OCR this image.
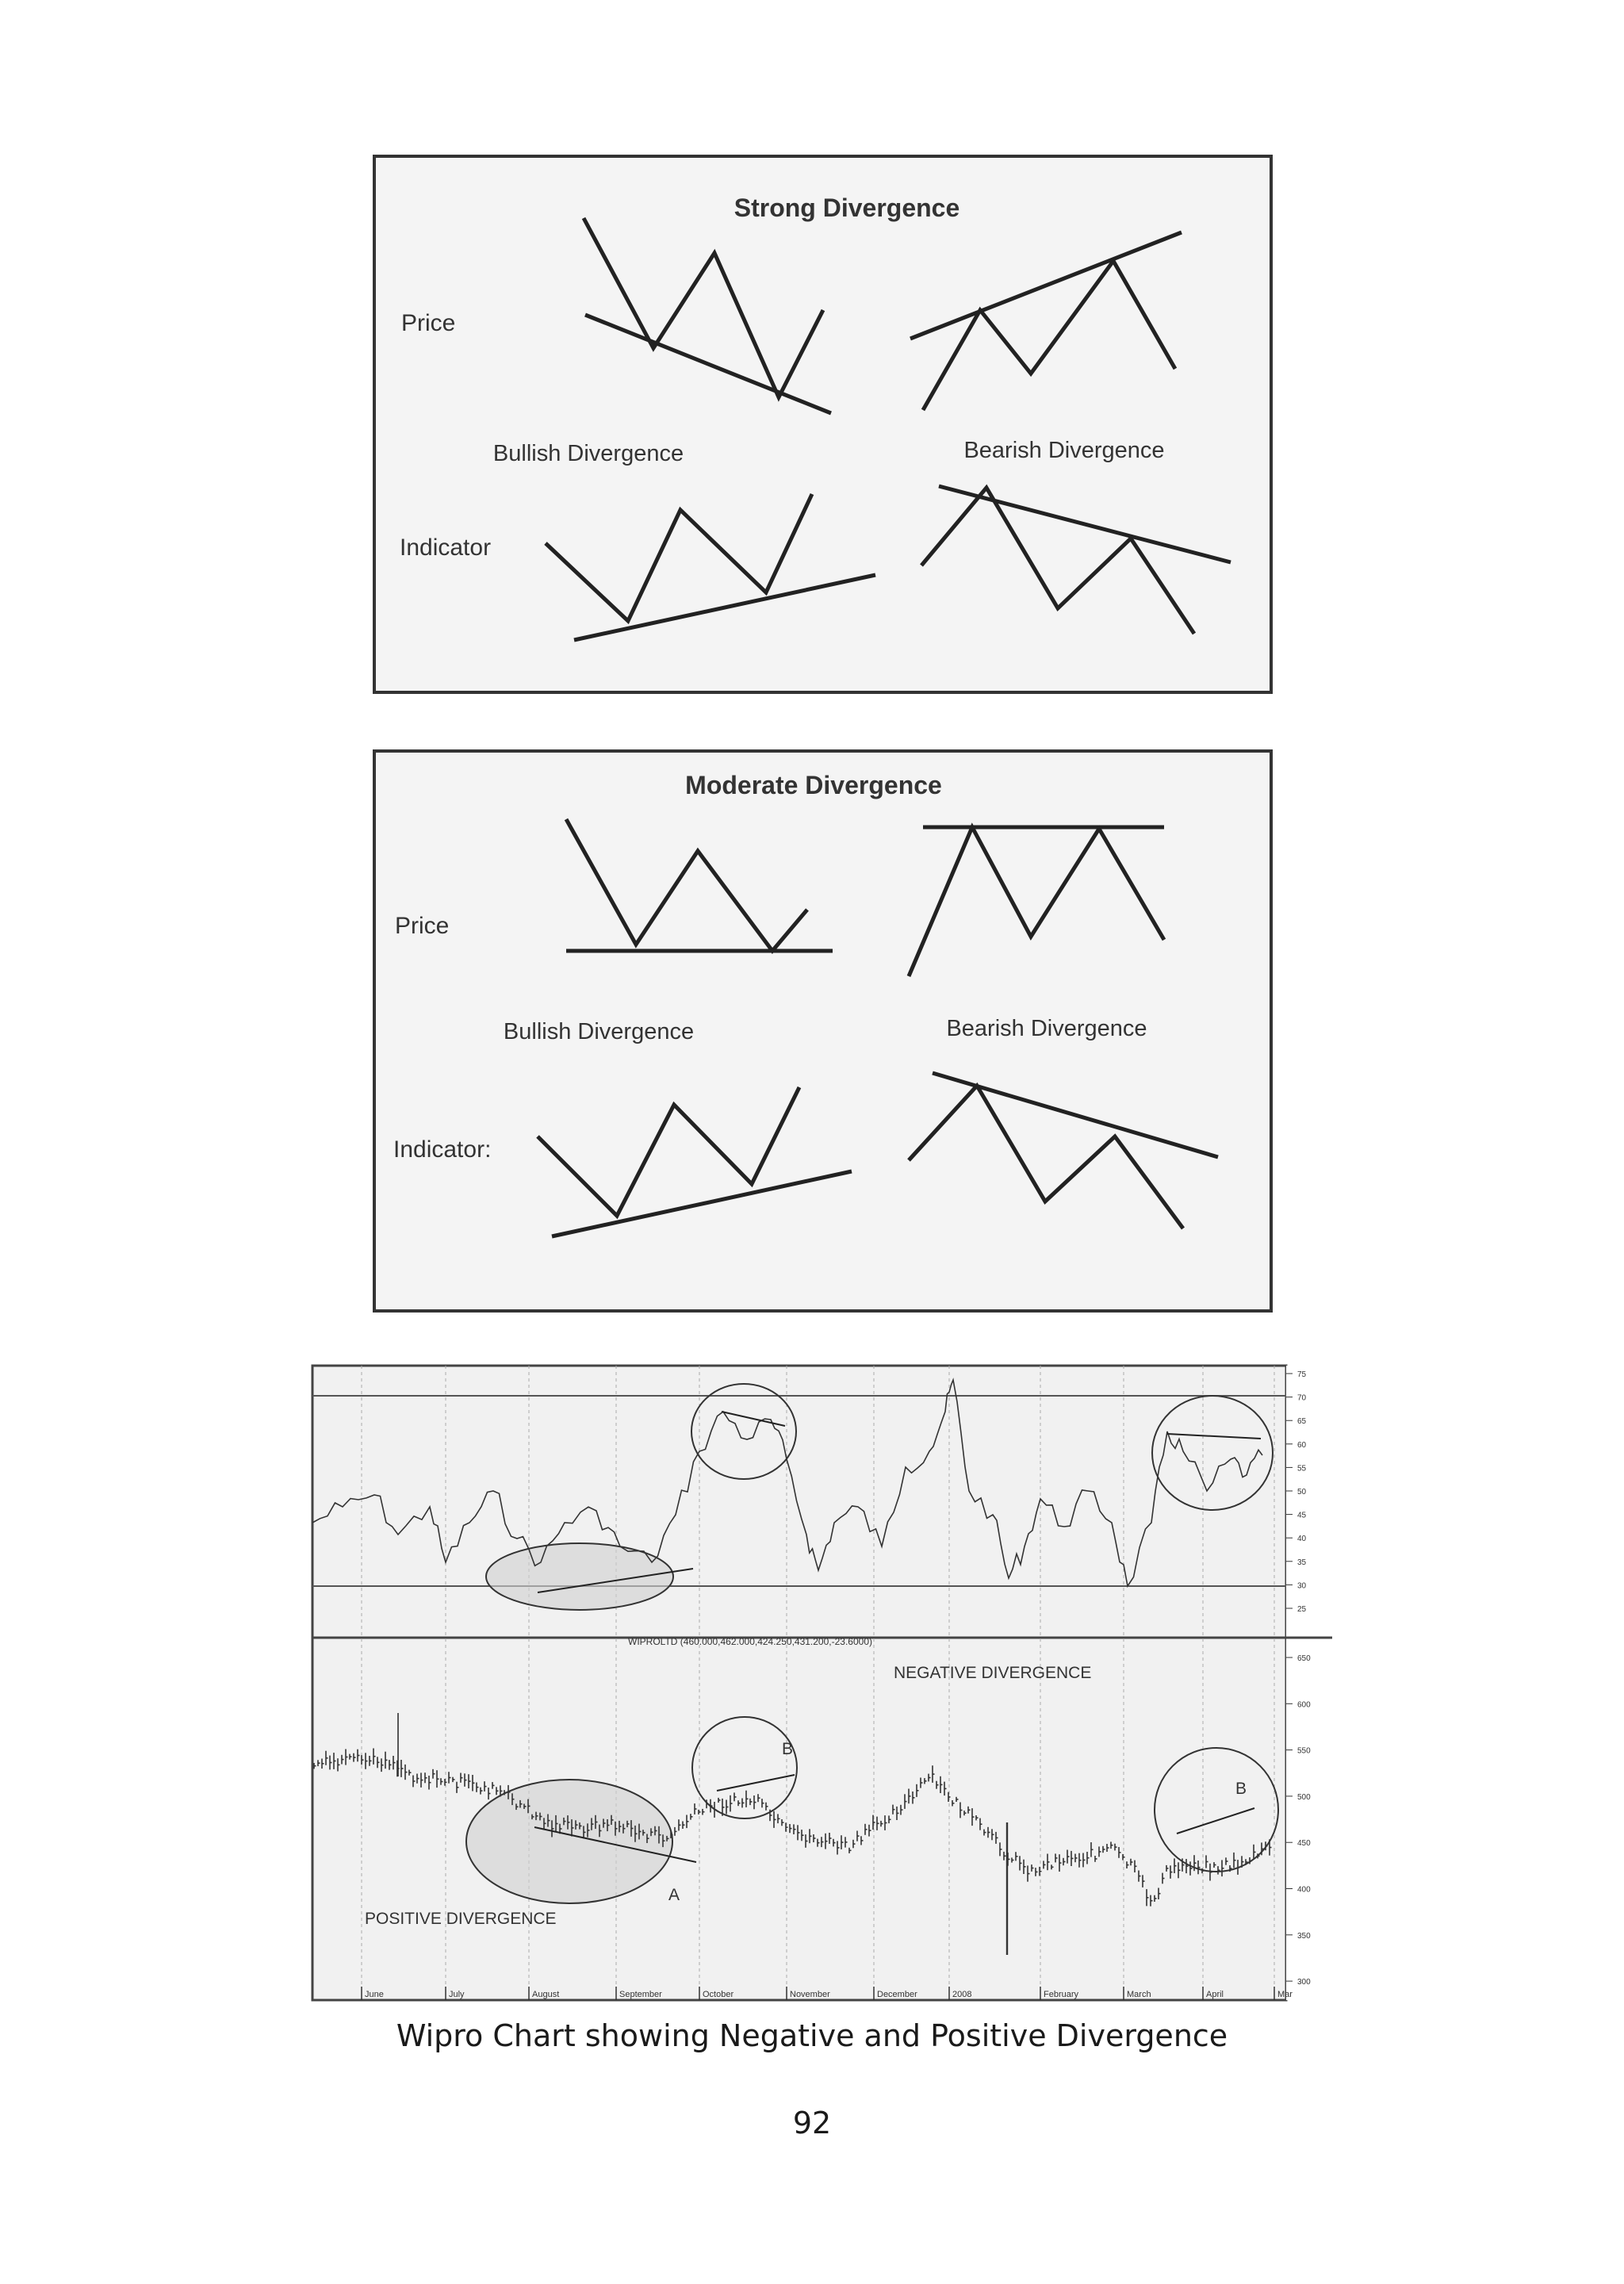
Strong Divergence
Price
Indicator
Bullish Divergence	Bearish Divergence
Moderate Divergence
Price
Indicator:
Bullish Divergence	Bearish Divergence
75
70
65
60
55
50
45
40
35
30
25
650
600
550
500
450
400
350
300
June	July	August	September	October	November	December	2008	February	March	April	Mar
WIPROLTD (460.000,462.000,424.250,431.200,-23.6000)
NEGATIVE DIVERGENCE
POSITIVE DIVERGENCE
A
B
B
Wipro Chart showing Negative and Positive Divergence
92
